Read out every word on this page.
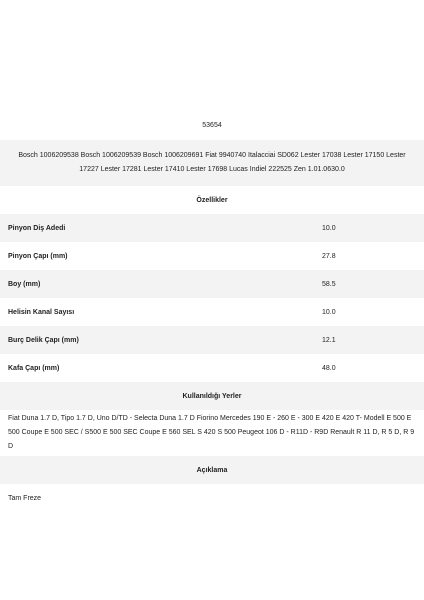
53654
Bosch 1006209538 Bosch 1006209539 Bosch 1006209691 Fiat 9940740 Italacciai SD062 Lester 17038 Lester 17150 Lester 17227 Lester 17281 Lester 17410 Lester 17698 Lucas Indiel 222525 Zen 1.01.0630.0
Özellikler
Pinyon Diş Adedi	10.0
Pinyon Çapı (mm)	27.8
Boy (mm)	58.5
Helisin Kanal Sayısı	10.0
Burç Delik Çapı (mm)	12.1
Kafa Çapı (mm)	48.0
Kullanıldığı Yerler
Fiat Duna 1.7 D, Tipo 1.7 D, Uno D/TD - Selecta Duna 1.7 D Fiorino Mercedes 190 E - 260 E - 300 E 420 E 420 T- Modell E 500 E 500 Coupe E 500 SEC / S500 E 500 SEC Coupe E 560 SEL S 420 S 500 Peugeot 106 D - R11D - R9D Renault R 11 D, R 5 D, R 9 D
Açıklama
Tam Freze
